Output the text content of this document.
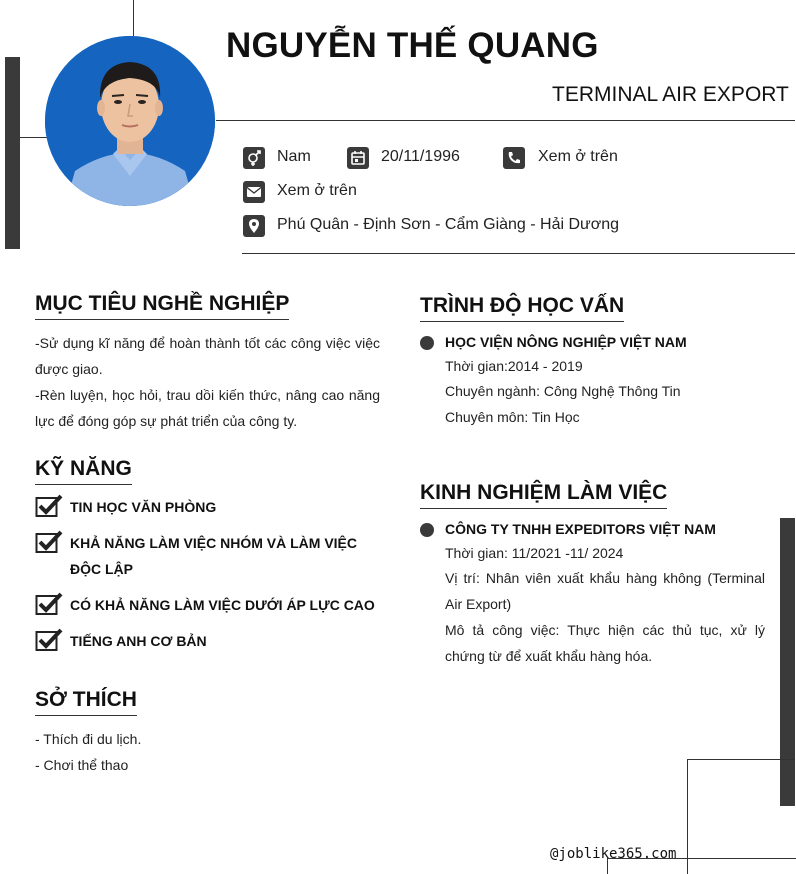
NGUYỄN THẾ QUANG
TERMINAL AIR EXPORT
Nam	20/11/1996	Xem ở trên
Xem ở trên
Phú Quân - Định Sơn - Cẩm Giàng - Hải Dương
MỤC TIÊU NGHỀ NGHIỆP
-Sử dụng kĩ năng để hoàn thành tốt các công việc việc được giao.
-Rèn luyện, học hỏi, trau dồi kiến thức, nâng cao năng lực để đóng góp sự phát triển của công ty.
KỸ NĂNG
TIN HỌC VĂN PHÒNG
KHẢ NĂNG LÀM VIỆC NHÓM VÀ LÀM VIỆC ĐỘC LẬP
CÓ KHẢ NĂNG LÀM VIỆC DƯỚI ÁP LỰC CAO
TIẾNG ANH CƠ BẢN
SỞ THÍCH
- Thích đi du lịch.
- Chơi thể thao
TRÌNH ĐỘ HỌC VẤN
HỌC VIỆN NÔNG NGHIỆP VIỆT NAM
Thời gian:2014 - 2019
Chuyên ngành: Công Nghệ Thông Tin
Chuyên môn: Tin Học
KINH NGHIỆM LÀM VIỆC
CÔNG TY TNHH EXPEDITORS VIỆT NAM
Thời gian: 11/2021 -11/ 2024
Vị trí: Nhân viên xuất khẩu hàng không (Terminal Air Export)
Mô tả công việc: Thực hiện các thủ tục, xử lý chứng từ để xuất khẩu hàng hóa.
@joblike365.com
